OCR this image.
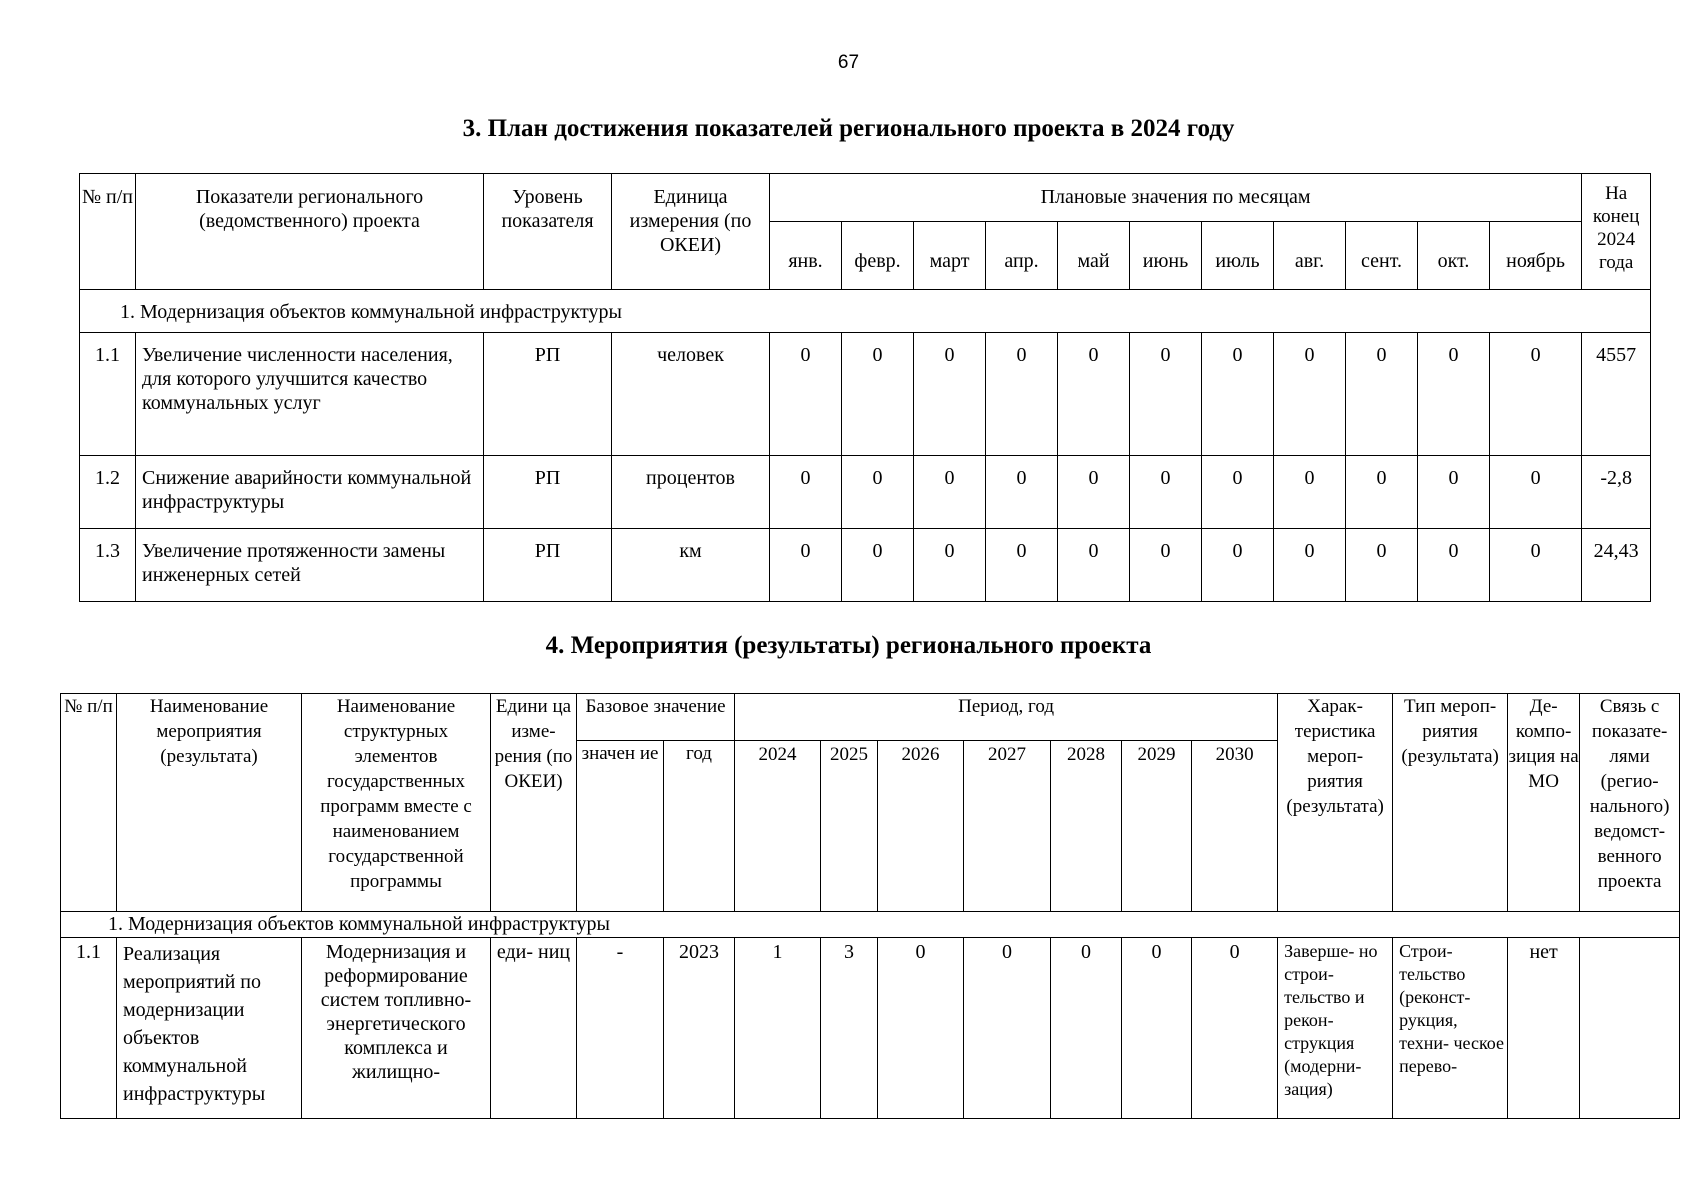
67
3. План достижения показателей регионального проекта в 2024 году
№ п/п	Показатели регионального (ведомственного) проекта	Уровень показателя	Единица измерения (по ОКЕИ)	Плановые значения по месяцам											На конец 2024 года
				янв.	февр.	март	апр.	май	июнь	июль	авг.	сент.	окт.	ноябрь	
1. Модернизация объектов коммунальной инфраструктуры															
1.1	Увеличение численности населения, для которого улучшится качество коммунальных услуг	РП	человек	0	0	0	0	0	0	0	0	0	0	0	4557
1.2	Снижение аварийности коммунальной инфраструктуры	РП	процентов	0	0	0	0	0	0	0	0	0	0	0	-2,8
1.3	Увеличение протяженности замены инженерных сетей	РП	км	0	0	0	0	0	0	0	0	0	0	0	24,43
4. Мероприятия (результаты) регионального проекта
№ п/п	Наименование мероприятия (результата)	Наименование структурных элементов государственных программ вместе с наименованием государственной программы	Едини ца изме- рения (по ОКЕИ)	Базовое значение		Период, год							Харак- теристика мероп- риятия (результата)	Тип мероп- риятия (результата)	Де- компо- зиция на МО	Связь с показате- лями (регио- нального) ведомст- венного проекта
				значен ие	год	2024	2025	2026	2027	2028	2029	2030				
1. Модернизация объектов коммунальной инфраструктуры																
1.1	Реализация мероприятий по модернизации объектов коммунальной инфраструктуры	Модернизация и реформирование систем топливно- энергетического комплекса и жилищно-	еди- ниц	-	2023	1	3	0	0	0	0	0	Заверше- но строи- тельство и рекон- струкция (модерни- зация)	Строи- тельство (реконст- рукция, техни- ческое перево-	нет	
